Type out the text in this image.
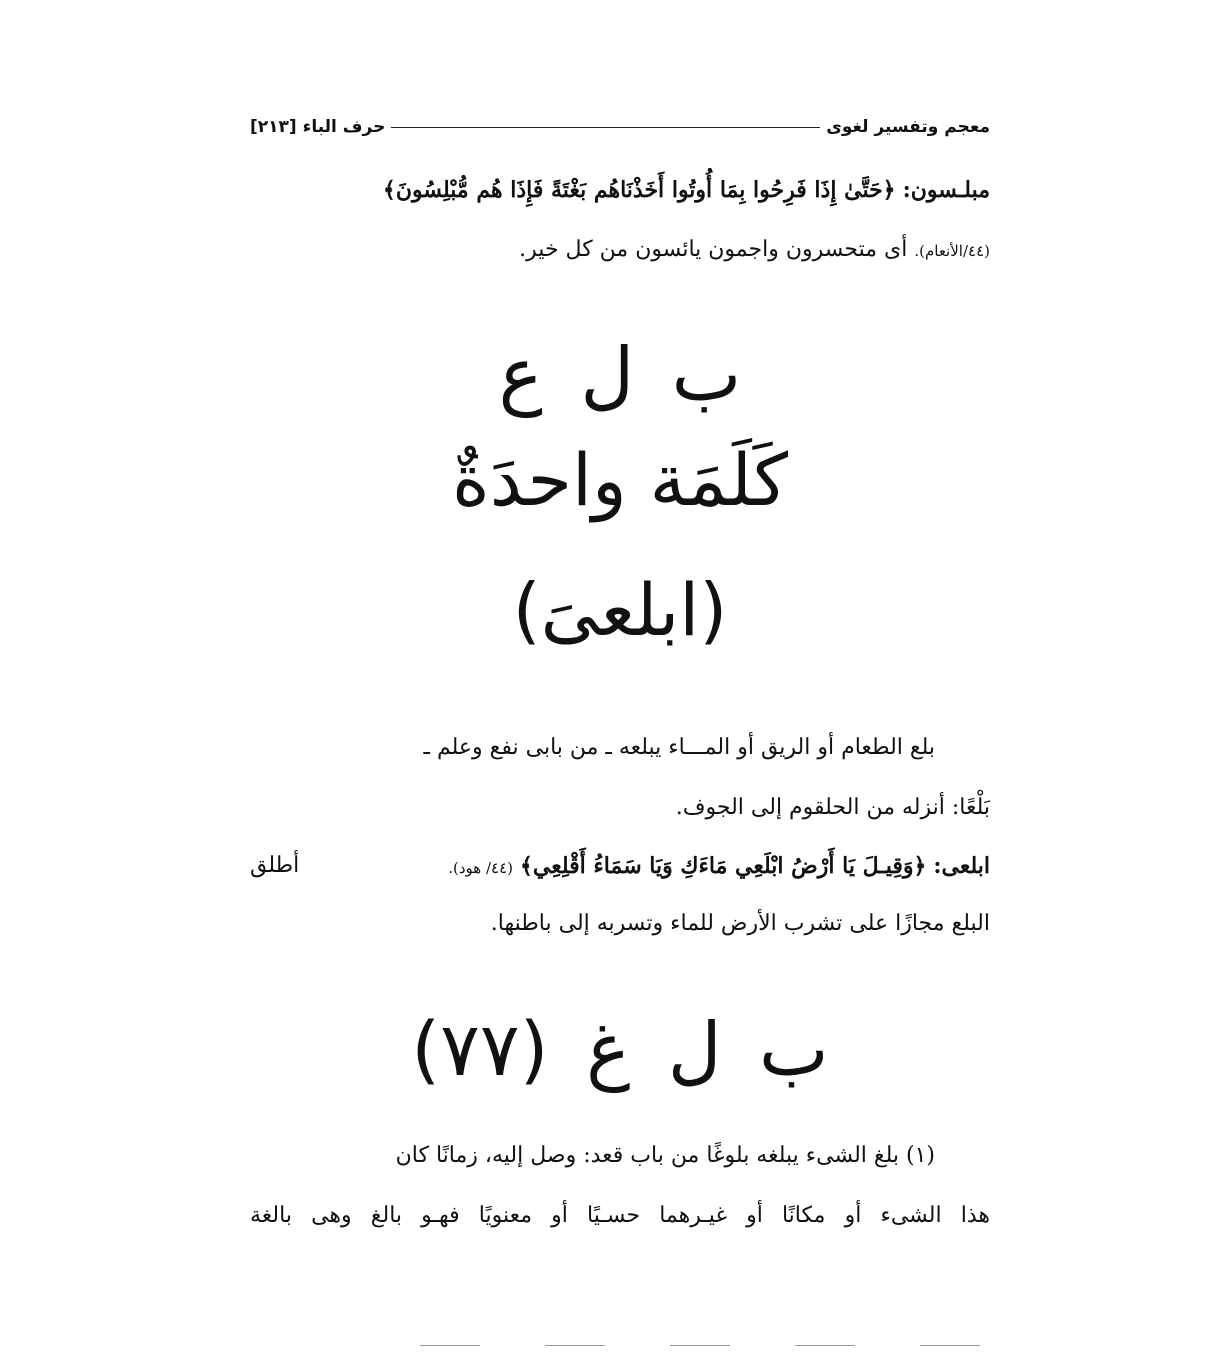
معجم وتفسير لغوى
حرف الباء

[٢١٣]
مبلـسون: ﴿حَتَّىٰ إِذَا فَرِحُوا بِمَا أُوتُوا أَخَذْنَاهُم بَغْتَةً فَإِذَا هُم مُّبْلِسُونَ﴾
(٤٤/الأنعام). أى متحسرون واجمون يائسون من كل خير.
ب ل ع
كَلَمَة واحدَةٌ
(ابلعىَ)
بلع الطعام أو الريق أو المـــاء يبلعه ـ من بابى نفع وعلم ـ
بَلْعًا: أنزله من الحلقوم إلى الجوف.
ابلعى: ﴿وَقِيـلَ يَا أَرْضُ ابْلَعِي مَاءَكِ وَيَا سَمَاءُ أَقْلِعِي﴾ (٤٤/ هود).
أطلق
البلع مجازًا على تشرب الأرض للماء وتسربه إلى باطنها.
ب ل غ (٧٧)
(١) بلغ الشىء يبلغه بلوغًا من باب قعد: وصل إليه، زمانًا كان
هذا الشىء أو مكانًا أو غيـرهما حسـيًا أو معنويًا فهـو بالغ وهى بالغة
